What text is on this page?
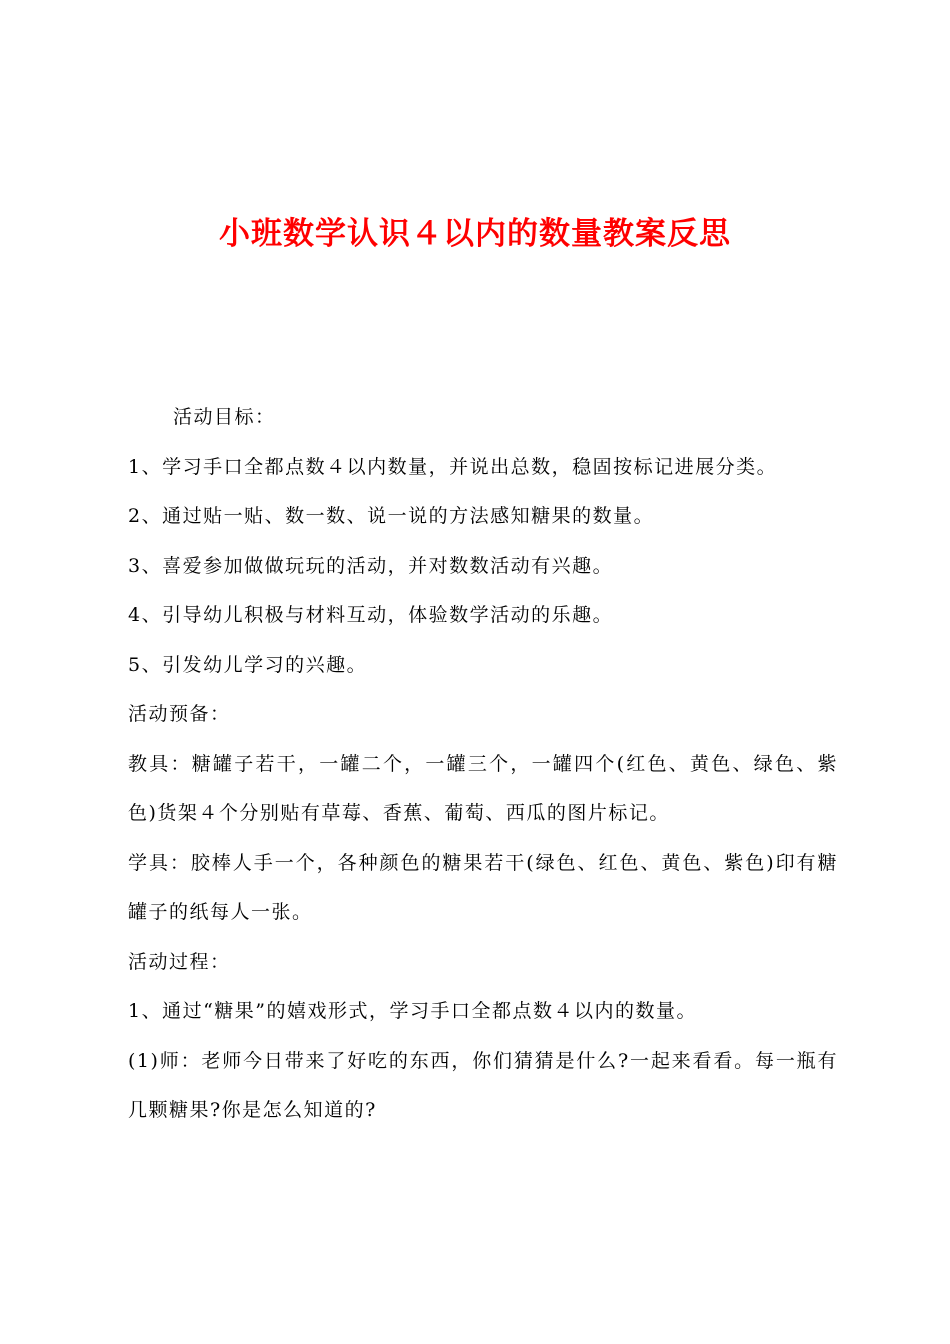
小班数学认识４以内的数量教案反思

活动目标：

1、学习手口全都点数４以内数量，并说出总数，稳固按标记进展分类。

2、通过贴一贴、数一数、说一说的方法感知糖果的数量。

3、喜爱参加做做玩玩的活动，并对数数活动有兴趣。

4、引导幼儿积极与材料互动，体验数学活动的乐趣。

5、引发幼儿学习的兴趣。

活动预备：

教具：糖罐子若干，一罐二个，一罐三个，一罐四个(红色、黄色、绿色、紫色)货架４个分别贴有草莓、香蕉、葡萄、西瓜的图片标记。

学具：胶棒人手一个，各种颜色的糖果若干(绿色、红色、黄色、紫色)印有糖罐子的纸每人一张。

活动过程：

1、通过“糖果”的嬉戏形式，学习手口全都点数４以内的数量。

(1)师：老师今日带来了好吃的东西，你们猜猜是什么?一起来看看。每一瓶有几颗糖果?你是怎么知道的?
